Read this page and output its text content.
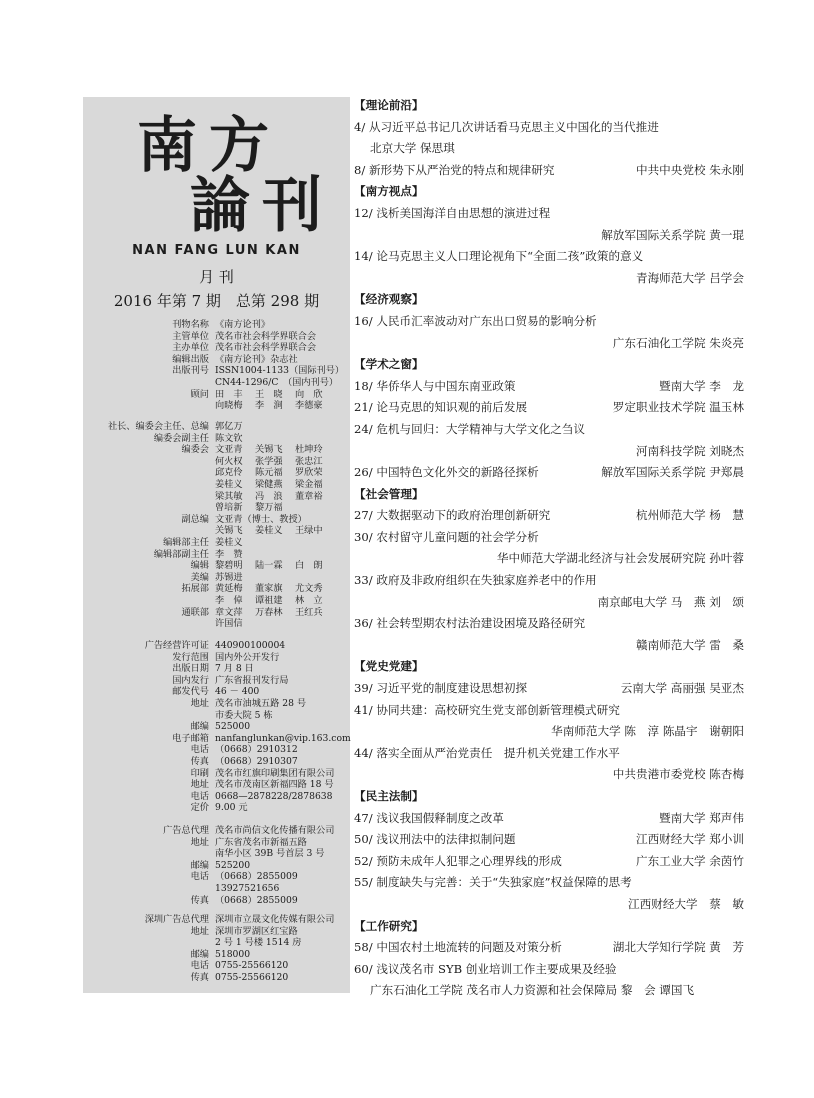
南方
論刊
NAN FANG LUN KAN
月 刊
2016 年第 7 期　总第 298 期
刊物名称 《南方论刊》
主管单位 茂名市社会科学界联合会
主办单位 茂名市社会科学界联合会
编辑出版 《南方论刊》杂志社
出版刊号 ISSN1004-1133（国际刊号）
CN44-1296/C　（国内刊号）
顾问 田　丰 王　晓 向　欣
向晓梅 李　涧 李德豪
社长、编委会主任、总编 郭亿万
编委会副主任 陈文钦
编委会 文亚青 关锡飞 杜坤玲
何火权 张学强 张忠江
邱克伶 陈元福 罗欣荣
姜桂义 梁健燕 梁金福
梁其敏 冯　浪 董章裕
曾培新 黎万福
副总编 文亚青（博士、教授）
关锡飞 姜桂义 王绿中
编辑部主任 姜桂义
编辑部副主任 李　赞
编辑 黎碧明 陆一霖 白　朗
美编 苏锡进
拓展部 黄延梅 董家旗 尤文秀
李　倬 谭祖建 林　立
通联部 章文萍 万春林 王红兵
许国信
广告经营许可证 440900100004
发行范围 国内外公开发行
出版日期 7 月 8 日
国内发行 广东省报刊发行局
邮发代号 46 － 400
地址 茂名市油城五路 28 号
市委大院 5 栋
邮编 525000
电子邮箱 nanfanglunkan@vip.163.com
电话 （0668）2910312
传真 （0668）2910307
印刷 茂名市红旗印刷集团有限公司
地址 茂名市茂南区新福四路 18 号
电话 0668—2878228/2878638
定价 9.00 元
广告总代理 茂名市尚信文化传播有限公司
地址 广东省茂名市新福五路
南华小区 39B 号首层 3 号
邮编 525200
电话 （0668）2855009
13927521656
传真 （0668）2855009
深圳广告总代理 深圳市立晟文化传媒有限公司
地址 深圳市罗湖区红宝路
2 号 1 号楼 1514 房
邮编 518000
电话 0755-25566120
传真 0755-25566120
【理论前沿】
4/ 从习近平总书记几次讲话看马克思主义中国化的当代推进
北京大学 保思琪
8/ 新形势下从严治党的特点和规律研究	中共中央党校 朱永刚
【南方视点】
12/ 浅析美国海洋自由思想的演进过程
解放军国际关系学院 黄一琨
14/ 论马克思主义人口理论视角下“全面二孩”政策的意义
青海师范大学 吕学会
【经济观察】
16/ 人民币汇率波动对广东出口贸易的影响分析
广东石油化工学院 朱炎亮
【学术之窗】
18/ 华侨华人与中国东南亚政策	暨南大学 李　龙
21/ 论马克思的知识观的前后发展	罗定职业技术学院 温玉林
24/ 危机与回归：大学精神与大学文化之刍议
河南科技学院 刘晓杰
26/ 中国特色文化外交的新路径探析	解放军国际关系学院 尹郑晨
【社会管理】
27/ 大数据驱动下的政府治理创新研究	杭州师范大学 杨　慧
30/ 农村留守儿童问题的社会学分析
华中师范大学湖北经济与社会发展研究院 孙叶蓉
33/ 政府及非政府组织在失独家庭养老中的作用
南京邮电大学 马　燕 刘　颂
36/ 社会转型期农村法治建设困境及路径研究
赣南师范大学 雷　桑
【党史党建】
39/ 习近平党的制度建设思想初探	云南大学 高丽强 吴亚杰
41/ 协同共建：高校研究生党支部创新管理模式研究
华南师范大学 陈　淳 陈晶宇　谢朝阳
44/ 落实全面从严治党责任　提升机关党建工作水平
中共贵港市委党校 陈杏梅
【民主法制】
47/ 浅议我国假释制度之改革	暨南大学 郑声伟
50/ 浅议刑法中的法律拟制问题	江西财经大学 郑小训
52/ 预防未成年人犯罪之心理界线的形成	广东工业大学 余茵竹
55/ 制度缺失与完善：关于“失独家庭”权益保障的思考
江西财经大学　蔡　敏
【工作研究】
58/ 中国农村土地流转的问题及对策分析	湖北大学知行学院 黄　芳
60/ 浅议茂名市 SYB 创业培训工作主要成果及经验
广东石油化工学院 茂名市人力资源和社会保障局 黎　会 谭国飞
